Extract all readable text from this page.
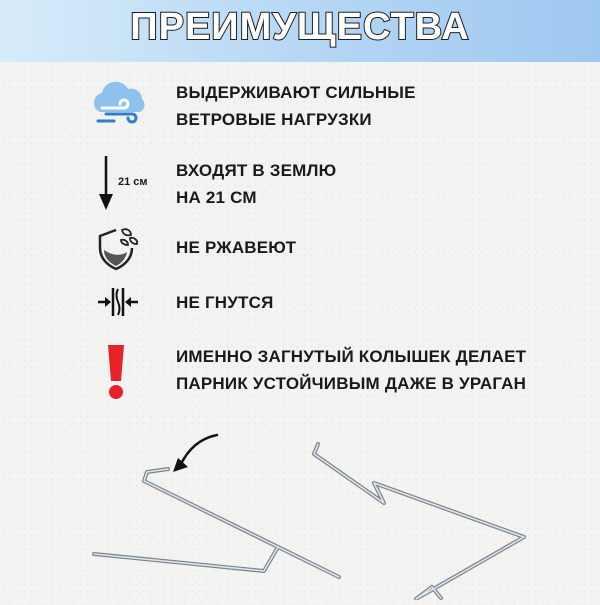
ПРЕИМУЩЕСТВА
ВЫДЕРЖИВАЮТ СИЛЬНЫЕ
ВЕТРОВЫЕ НАГРУЗКИ
21 см
ВХОДЯТ В ЗЕМЛЮ
НА 21 СМ
НЕ РЖАВЕЮТ
НЕ ГНУТСЯ
ИМЕННО ЗАГНУТЫЙ КОЛЫШЕК ДЕЛАЕТ
ПАРНИК УСТОЙЧИВЫМ ДАЖЕ В УРАГАН
